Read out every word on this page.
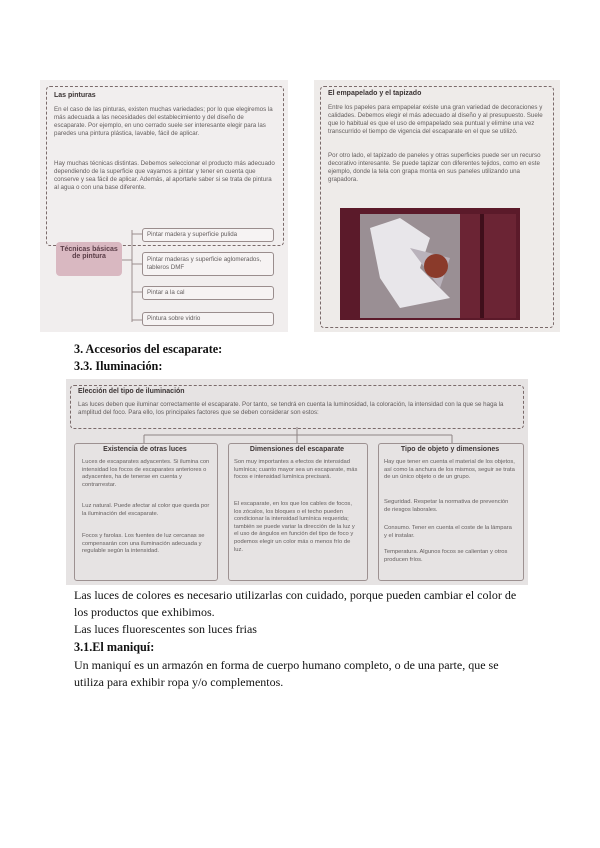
Las pinturas
En el caso de las pinturas, existen muchas variedades; por lo que elegiremos la más adecuada a las necesidades del establecimiento y del diseño de escaparate. Por ejemplo, en uno cerrado suele ser interesante elegir para las paredes una pintura plástica, lavable, fácil de aplicar.
Hay muchas técnicas distintas. Debemos seleccionar el producto más adecuado dependiendo de la superficie que vayamos a pintar y tener en cuenta que conserve y sea fácil de aplicar. Además, al aportarle saber si se trata de pintura al agua o con una base diferente.
Técnicas básicas de pintura
Pintar madera y superficie pulida
Pintar maderas y superficie aglomerados, tableros DMF
Pintar a la cal
Pintura sobre vidrio
El empapelado y el tapizado
Entre los papeles para empapelar existe una gran variedad de decoraciones y calidades. Debemos elegir el más adecuado al diseño y al presupuesto. Suele que lo habitual es que el uso de empapelado sea puntual y elimine una vez transcurrido el tiempo de vigencia del escaparate en el que se utilizó.
Por otro lado, el tapizado de paneles y otras superficies puede ser un recurso decorativo interesante. Se puede tapizar con diferentes tejidos, como en este ejemplo, donde la tela con grapa monta en sus paneles utilizando una grapadora.
3. Accesorios del escaparate:
3.3. Iluminación:
Elección del tipo de iluminación
Las luces deben que iluminar correctamente el escaparate. Por tanto, se tendrá en cuenta la luminosidad, la coloración, la intensidad con la que se haga la amplitud del foco. Para ello, los principales factores que se deben considerar son estos:
Existencia de otras luces
Luces de escaparates adyacentes. Si ilumina con intensidad los focos de escaparates anteriores o adyacentes, ha de tenerse en cuenta y contrarrestar.
Luz natural. Puede afectar al color que queda por la iluminación del escaparate.
Focos y farolas. Los fuentes de luz cercanas se compensarán con una iluminación adecuada y regulable según la intensidad.
Dimensiones del escaparate
Son muy importantes a efectos de intensidad lumínica; cuanto mayor sea un escaparate, más focos e intensidad lumínica precisará.
El escaparate, en los que los cables de focos, los zócalos, los bloques o el techo pueden condicionar la intensidad lumínica requerida; también se puede variar la dirección de la luz y el uso de ángulos en función del tipo de foco y podemos elegir un color más o menos frío de luz.
Tipo de objeto y dimensiones
Hay que tener en cuenta el material de los objetos, así como la anchura de los mismos, seguir se trata de un único objeto o de un grupo.
Seguridad. Respetar la normativa de prevención de riesgos laborales.
Consumo. Tener en cuenta el coste de la lámpara y el instalar.
Temperatura. Algunos focos se calientan y otros producen fríos.
Las luces de colores es necesario utilizarlas con cuidado, porque pueden cambiar el color de
los productos que exhibimos.
Las luces fluorescentes son luces frias
3.1.El maniquí:
Un maniquí es un armazón en forma de cuerpo humano completo, o de una parte, que se
utiliza para exhibir ropa y/o complementos.
